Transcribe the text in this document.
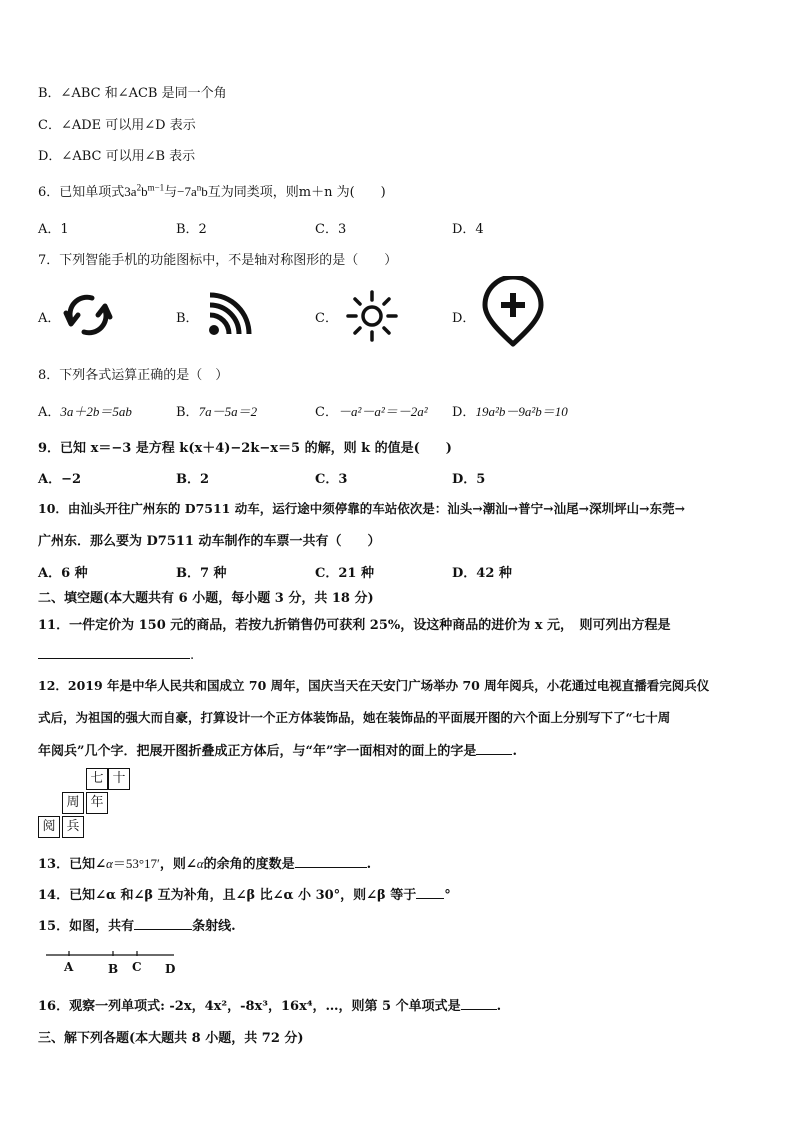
B．∠ABC 和∠ACB 是同一个角
C．∠ADE 可以用∠D 表示
D．∠ABC 可以用∠B 表示
6．已知单项式$3a^2b^{m-1}$与$-7a^nb$互为同类项，则m＋n 为(　　)
A．1	B．2	C．3	D．4
7．下列智能手机的功能图标中，不是轴对称图形的是（　　）
A．	B．	C．	D．
8．下列各式运算正确的是（　）
A．3a＋2b＝5ab	B．7a－5a＝2	C．－a²－a²＝－2a² D．19a²b－9a²b＝10
9．已知 x＝−3 是方程 k(x＋4)−2k−x＝5 的解，则 k 的值是(　　)
A．−2	B．2	C．3	D．5
10．由汕头开往广州东的 D7511 动车，运行途中须停靠的车站依次是：汕头→潮汕→普宁→汕尾→深圳坪山→东莞→
广州东．那么要为 D7511 动车制作的车票一共有（　　）
A．6 种	B．7 种	C．21 种	D．42 种
二、填空题(本大题共有 6 小题，每小题 3 分，共 18 分)
11．一件定价为 150 元的商品，若按九折销售仍可获利 25%，设这种商品的进价为 x 元，　则可列出方程是
.
12．2019 年是中华人民共和国成立 70 周年，国庆当天在天安门广场举办 70 周年阅兵，小花通过电视直播看完阅兵仪
式后，为祖国的强大而自豪，打算设计一个正方体装饰品，她在装饰品的平面展开图的六个面上分别写下了“七十周
年阅兵”几个字．把展开图折叠成正方体后，与“年”字一面相对的面上的字是	.
七 十
周 年
阅 兵
13．已知∠α＝53°17′，则∠α的余角的度数是	.
14．已知∠α 和∠β 互为补角，且∠β 比∠α 小 30°，则∠β 等于 °
15．如图，共有	条射线.
A	B C D
16．观察一列单项式: -2x，4x²，-8x³，16x⁴，…，则第 5 个单项式是	.
三、解下列各题(本大题共 8 小题，共 72 分)
